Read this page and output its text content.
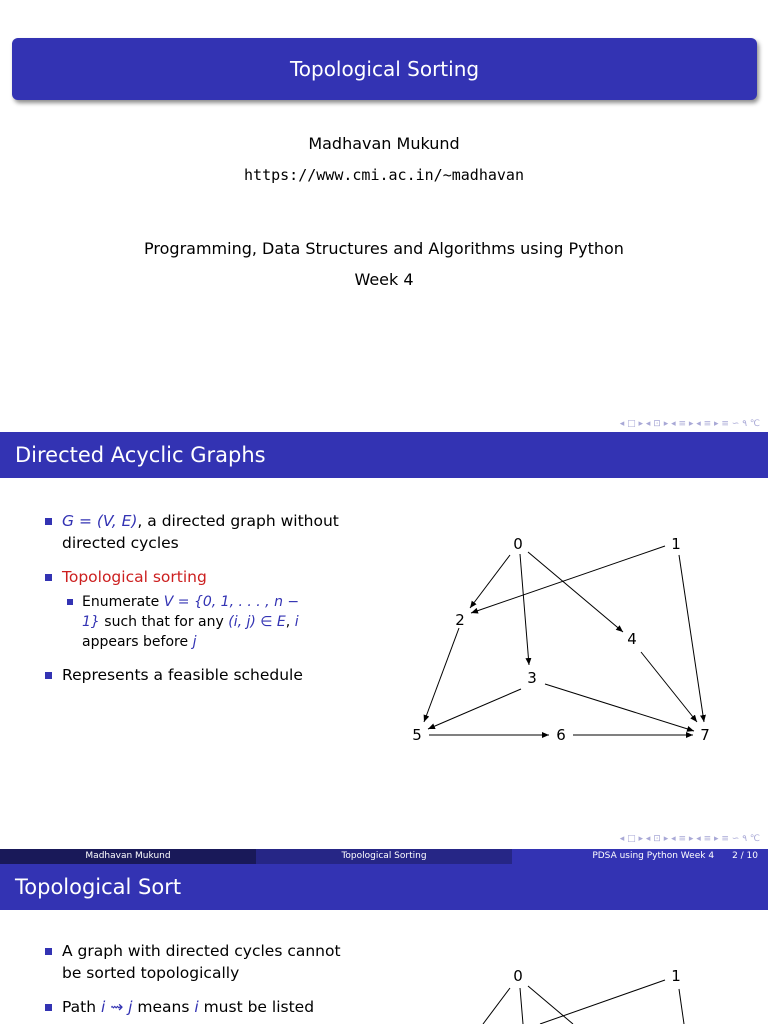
Topological Sorting
Madhavan Mukund
https://www.cmi.ac.in/~madhavan
Programming, Data Structures and Algorithms using Python
Week 4
◂ □ ▸ ◂ ⊡ ▸ ◂ ≡ ▸ ◂ ≡ ▸ ≡ ∽ ۹ ℃
Directed Acyclic Graphs
G = (V, E), a directed graph without directed cycles
Topological sorting
Enumerate V = {0, 1, . . . , n − 1} such that for any (i, j) ∈ E, i appears before j
Represents a feasible schedule
0	1
2
3
4
5	6	7
◂ □ ▸ ◂ ⊡ ▸ ◂ ≡ ▸ ◂ ≡ ▸ ≡ ∽ ۹ ℃
Madhavan Mukund	Topological Sorting	PDSA using Python Week 4 2 / 10
Topological Sort
A graph with directed cycles cannot be sorted topologically
Path i ⇝ j means i must be listed
0	1
